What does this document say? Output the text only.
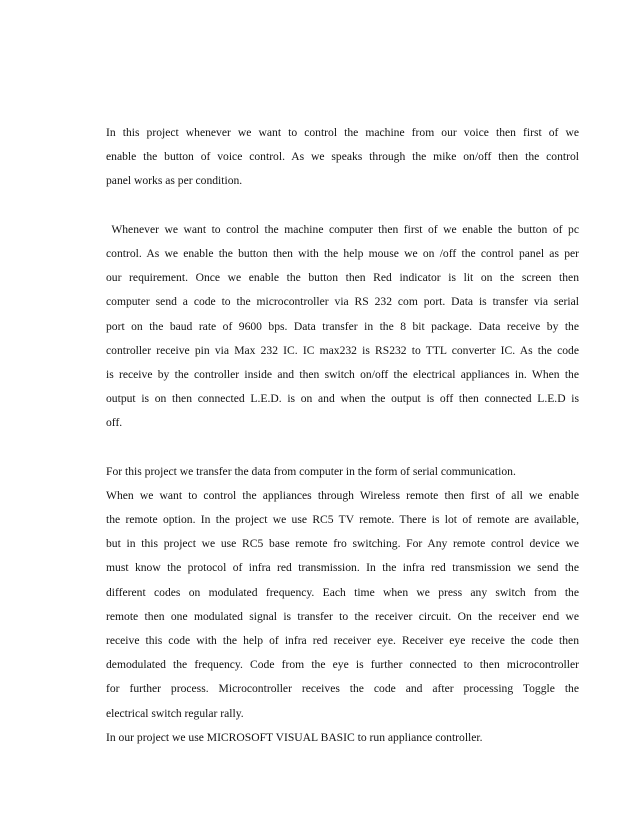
In this project whenever we want to control the machine from our voice then first of we
enable the button of voice control. As we speaks through the mike on/off then the control
panel works as per condition.
Whenever we want to control the machine computer then first of we enable the button of pc
control. As we enable the button then with the help mouse we on /off the control panel as per
our requirement. Once we enable the button then Red indicator is lit on the screen then
computer send a code to the microcontroller via RS 232 com port. Data is transfer via serial
port on the baud rate of 9600 bps. Data transfer in the 8 bit package. Data receive by the
controller receive pin via Max 232 IC. IC max232 is RS232 to TTL converter IC. As the code
is receive by the controller inside and then switch on/off the electrical appliances in. When the
output is on then connected L.E.D. is on and when the output is off then connected L.E.D is
off.
For this project we transfer the data from computer in the form of serial communication.
When we want to control the appliances through Wireless remote then first of all we enable
the remote option. In the project we use RC5 TV remote. There is lot of remote are available,
but in this project we use RC5 base remote fro switching. For Any remote control device we
must know the protocol of infra red transmission. In the infra red transmission we send the
different codes on modulated frequency. Each time when we press any switch from the
remote then one modulated signal is transfer to the receiver circuit. On the receiver end we
receive this code with the help of infra red receiver eye. Receiver eye receive the code then
demodulated the frequency. Code from the eye is further connected to then microcontroller
for further process. Microcontroller receives the code and after processing Toggle the
electrical switch regular rally.
In our project we use MICROSOFT VISUAL BASIC to run appliance controller.
